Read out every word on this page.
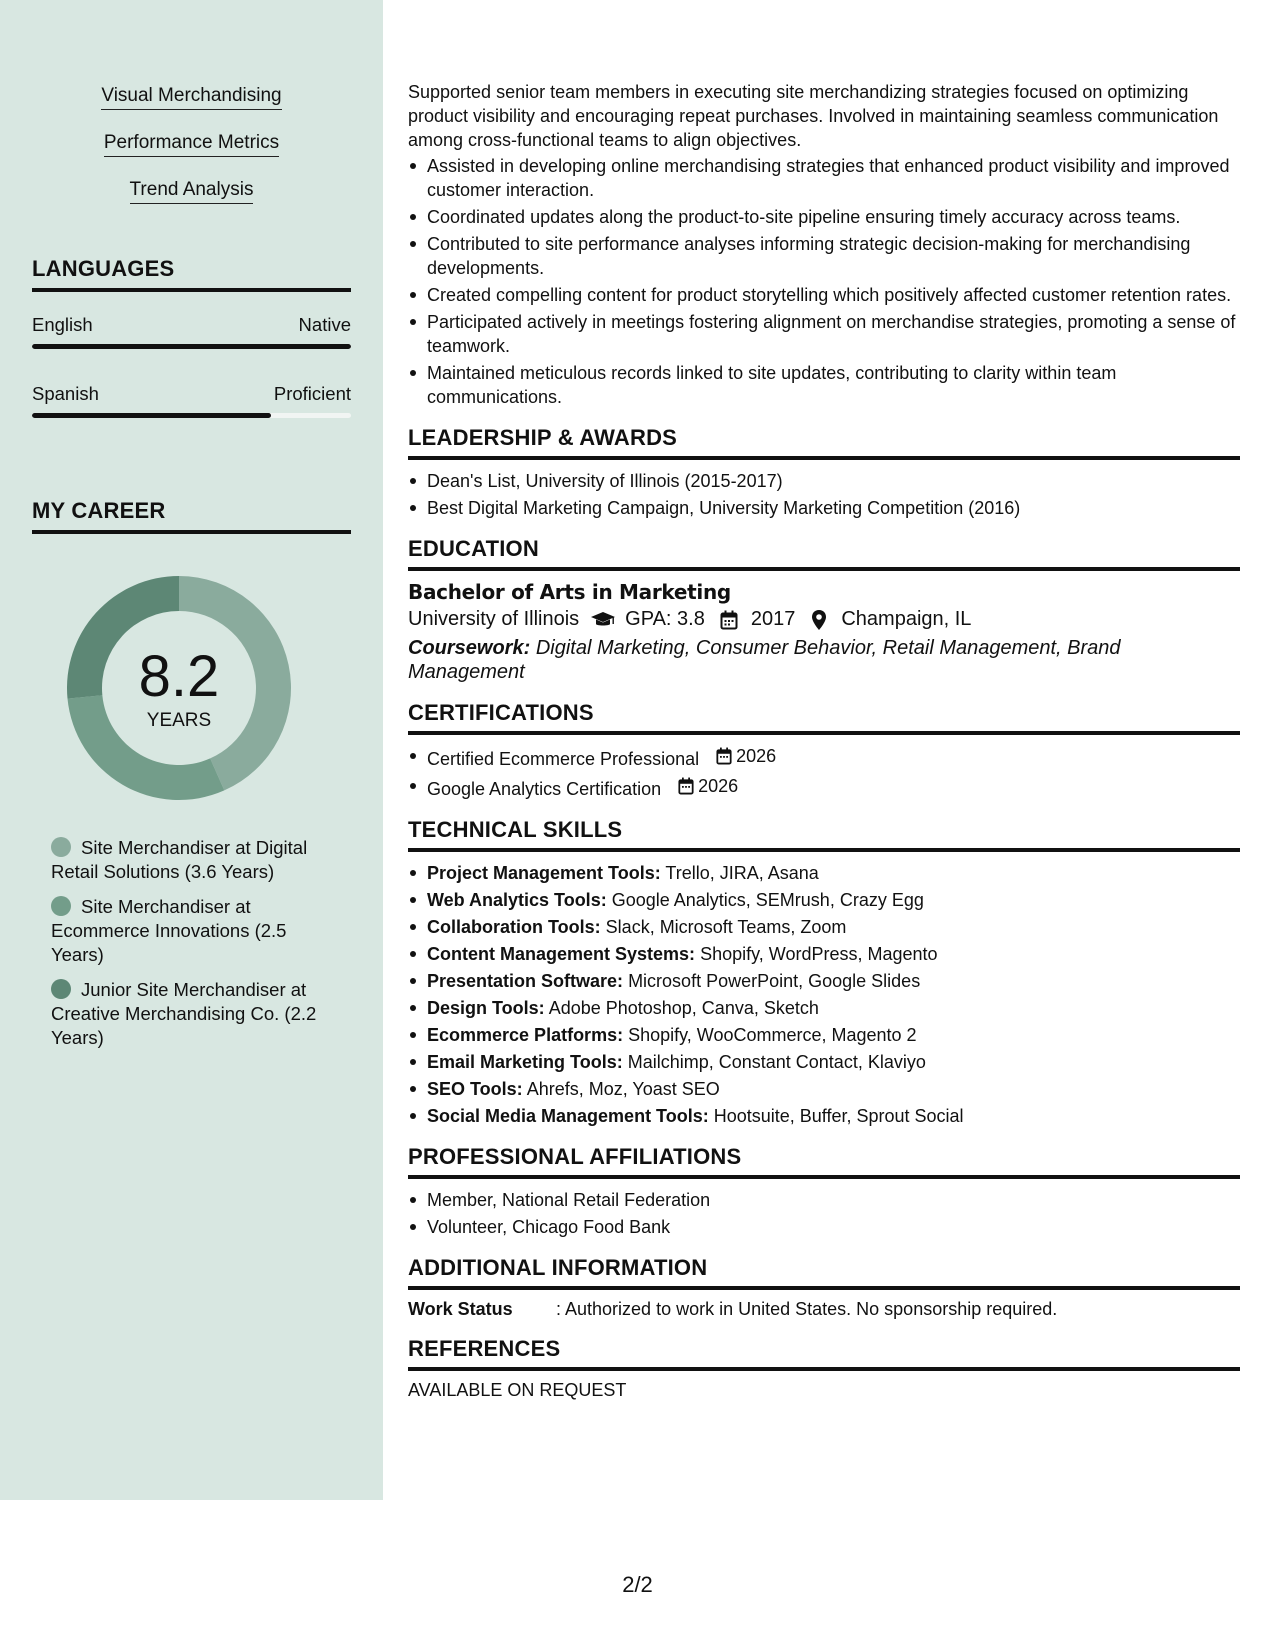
Visual Merchandising
Performance Metrics
Trend Analysis
LANGUAGES
English	Native
Spanish	Proficient
MY CAREER
8.2
YEARS
Site Merchandiser at Digital Retail Solutions (3.6 Years)
Site Merchandiser at Ecommerce Innovations (2.5 Years)
Junior Site Merchandiser at Creative Merchandising Co. (2.2 Years)

Supported senior team members in executing site merchandizing strategies focused on optimizing product visibility and encouraging repeat purchases. Involved in maintaining seamless communication among cross-functional teams to align objectives.

Assisted in developing online merchandising strategies that enhanced product visibility and improved customer interaction.
Coordinated updates along the product-to-site pipeline ensuring timely accuracy across teams.
Contributed to site performance analyses informing strategic decision-making for merchandising developments.
Created compelling content for product storytelling which positively affected customer retention rates.
Participated actively in meetings fostering alignment on merchandise strategies, promoting a sense of teamwork.
Maintained meticulous records linked to site updates, contributing to clarity within team communications.
LEADERSHIP & AWARDS
Dean's List, University of Illinois (2015-2017)
Best Digital Marketing Campaign, University Marketing Competition (2016)
EDUCATION
Bachelor of Arts in Marketing
University of Illinois GPA: 3.8 2017 Champaign, IL
Coursework: Digital Marketing, Consumer Behavior, Retail Management, Brand Management
CERTIFICATIONS
Certified Ecommerce Professional 2026
Google Analytics Certification 2026
TECHNICAL SKILLS
Project Management Tools: Trello, JIRA, Asana
Web Analytics Tools: Google Analytics, SEMrush, Crazy Egg
Collaboration Tools: Slack, Microsoft Teams, Zoom
Content Management Systems: Shopify, WordPress, Magento
Presentation Software: Microsoft PowerPoint, Google Slides
Design Tools: Adobe Photoshop, Canva, Sketch
Ecommerce Platforms: Shopify, WooCommerce, Magento 2
Email Marketing Tools: Mailchimp, Constant Contact, Klaviyo
SEO Tools: Ahrefs, Moz, Yoast SEO
Social Media Management Tools: Hootsuite, Buffer, Sprout Social
PROFESSIONAL AFFILIATIONS
Member, National Retail Federation
Volunteer, Chicago Food Bank
ADDITIONAL INFORMATION
Work Status	: Authorized to work in United States. No sponsorship required.
REFERENCES
AVAILABLE ON REQUEST
2/2
